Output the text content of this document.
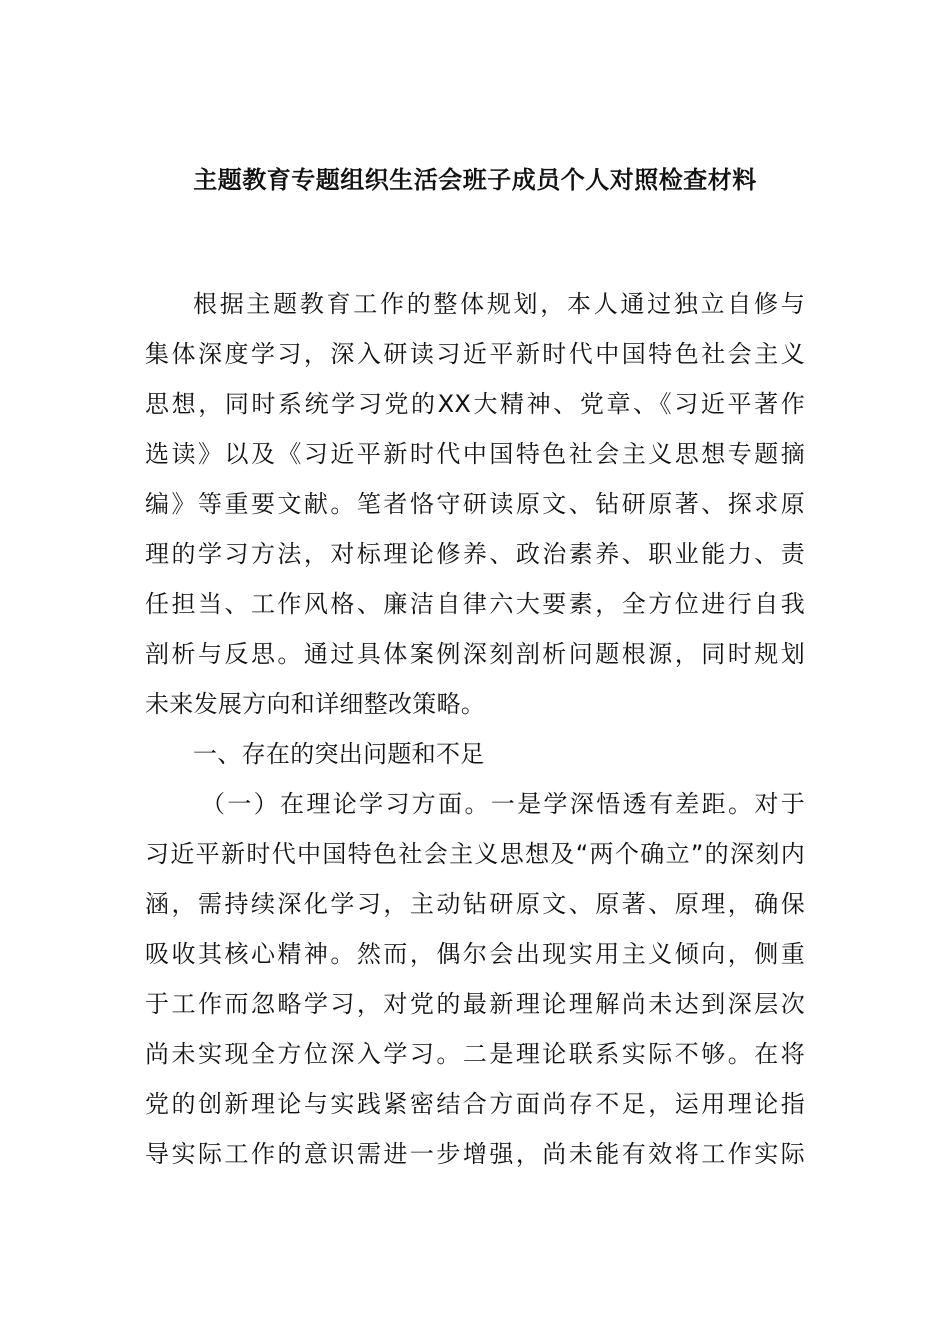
主题教育专题组织生活会班子成员个人对照检查材料
根据主题教育工作的整体规划，本人通过独立自修与
集体深度学习，深入研读习近平新时代中国特色社会主义
思想，同时系统学习党的XX大精神、党章、《习近平著作
选读》以及《习近平新时代中国特色社会主义思想专题摘
编》等重要文献。笔者恪守研读原文、钻研原著、探求原
理的学习方法，对标理论修养、政治素养、职业能力、责
任担当、工作风格、廉洁自律六大要素，全方位进行自我
剖析与反思。通过具体案例深刻剖析问题根源，同时规划
未来发展方向和详细整改策略。
一、存在的突出问题和不足
（一）在理论学习方面。一是学深悟透有差距。对于
习近平新时代中国特色社会主义思想及“两个确立”的深刻内
涵，需持续深化学习，主动钻研原文、原著、原理，确保
吸收其核心精神。然而，偶尔会出现实用主义倾向，侧重
于工作而忽略学习，对党的最新理论理解尚未达到深层次
尚未实现全方位深入学习。二是理论联系实际不够。在将
党的创新理论与实践紧密结合方面尚存不足，运用理论指
导实际工作的意识需进一步增强，尚未能有效将工作实际
